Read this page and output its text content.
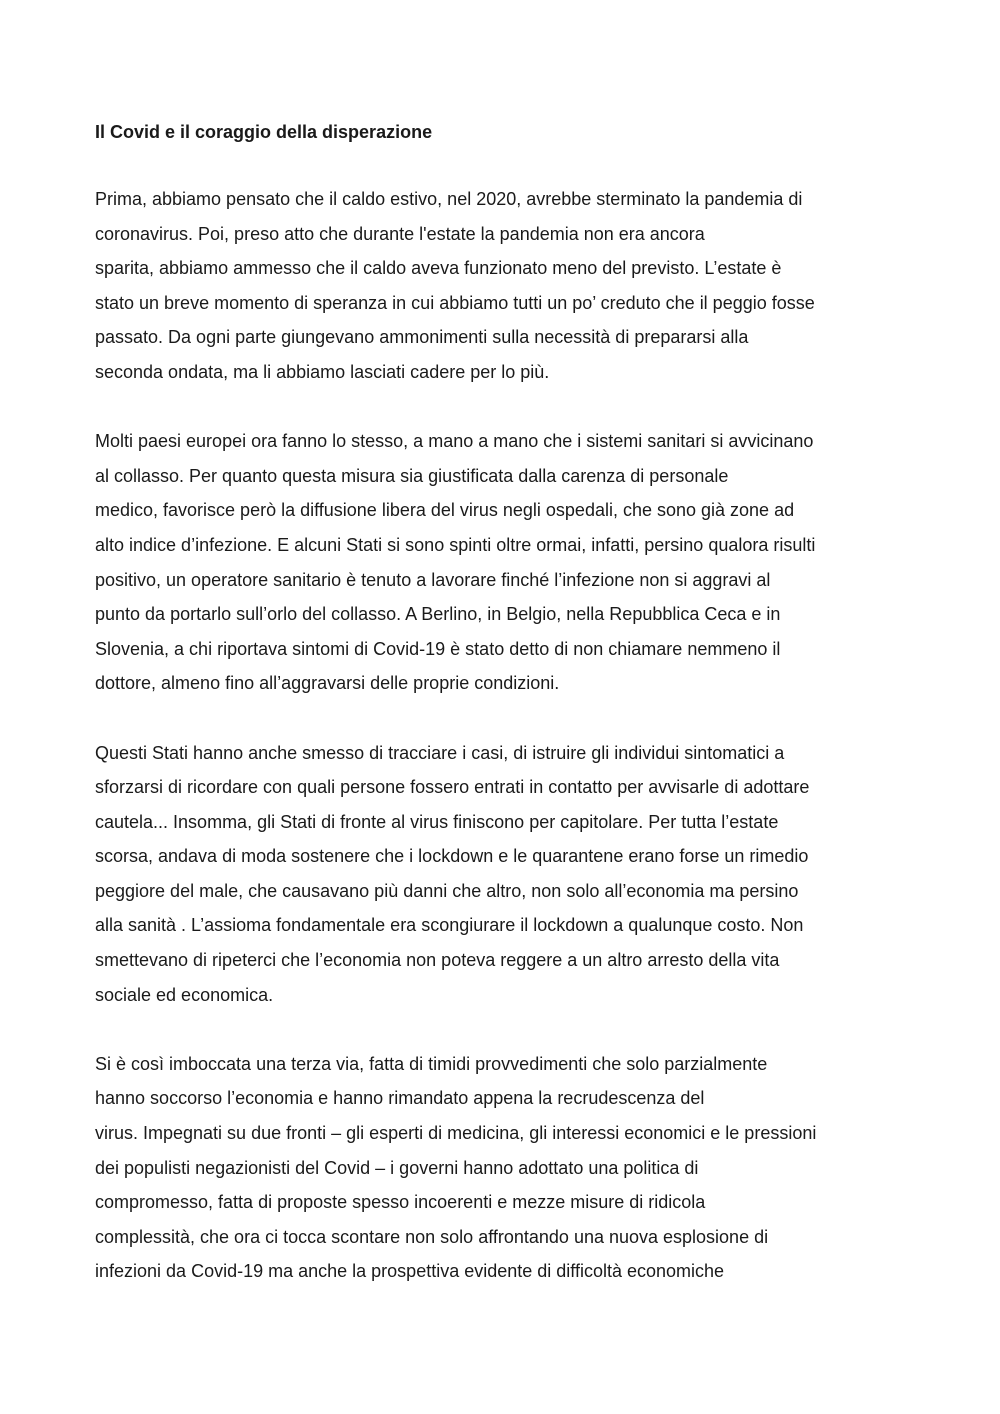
Il Covid e il coraggio della disperazione
Prima, abbiamo pensato che il caldo estivo, nel 2020, avrebbe sterminato la pandemia di
coronavirus. Poi, preso atto che durante l'estate la pandemia non era ancora
sparita, abbiamo ammesso che il caldo aveva funzionato meno del previsto. L’estate è
stato un breve momento di speranza in cui abbiamo tutti un po’ creduto che il peggio fosse
passato. Da ogni parte giungevano ammonimenti sulla necessità di prepararsi alla
seconda ondata, ma li abbiamo lasciati cadere per lo più.
Molti paesi europei ora fanno lo stesso, a mano a mano che i sistemi sanitari si avvicinano
al collasso. Per quanto questa misura sia giustificata dalla carenza di personale
medico, favorisce però la diffusione libera del virus negli ospedali, che sono già zone ad
alto indice d’infezione. E alcuni Stati si sono spinti oltre ormai, infatti, persino qualora risulti
positivo, un operatore sanitario è tenuto a lavorare finché l’infezione non si aggravi al
punto da portarlo sull’orlo del collasso. A Berlino, in Belgio, nella Repubblica Ceca e in
Slovenia, a chi riportava sintomi di Covid-19 è stato detto di non chiamare nemmeno il
dottore, almeno fino all’aggravarsi delle proprie condizioni.
Questi Stati hanno anche smesso di tracciare i casi, di istruire gli individui sintomatici a
sforzarsi di ricordare con quali persone fossero entrati in contatto per avvisarle di adottare
cautela... Insomma, gli Stati di fronte al virus finiscono per capitolare. Per tutta l’estate
scorsa, andava di moda sostenere che i lockdown e le quarantene erano forse un rimedio
peggiore del male, che causavano più danni che altro, non solo all’economia ma persino
alla sanità . L’assioma fondamentale era scongiurare il lockdown a qualunque costo. Non
smettevano di ripeterci che l’economia non poteva reggere a un altro arresto della vita
sociale ed economica.
Si è così imboccata una terza via, fatta di timidi provvedimenti che solo parzialmente
hanno soccorso l’economia e hanno rimandato appena la recrudescenza del
virus. Impegnati su due fronti – gli esperti di medicina, gli interessi economici e le pressioni
dei populisti negazionisti del Covid – i governi hanno adottato una politica di
compromesso, fatta di proposte spesso incoerenti e mezze misure di ridicola
complessità, che ora ci tocca scontare non solo affrontando una nuova esplosione di
infezioni da Covid-19 ma anche la prospettiva evidente di difficoltà economiche
